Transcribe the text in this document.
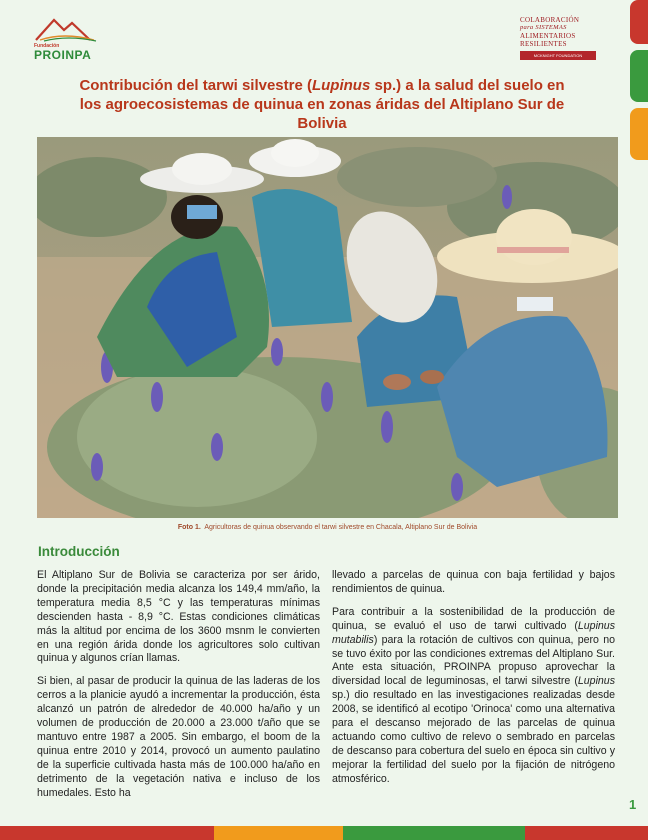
Fundación
PROINPA
COLABORACIÓN
para SISTEMAS
ALIMENTARIOS
RESILIENTES
MCKNIGHT FOUNDATION
Contribución del tarwi silvestre (Lupinus sp.) a la salud del suelo en los agroecosistemas de quinua en zonas áridas del Altiplano Sur de Bolivia
Foto 1. Agricultoras de quinua observando el tarwi silvestre en Chacala, Altiplano Sur de Bolivia
Introducción

El Altiplano Sur de Bolivia se caracteriza por ser árido, donde la precipitación media alcanza los 149,4 mm/año, la temperatura media 8,5 °C y las temperaturas mínimas descienden hasta - 8,9 °C. Estas condiciones climáticas más la altitud por encima de los 3600 msnm le convierten en una región árida donde los agricultores solo cultivan quinua y algunos crían llamas.

Si bien, al pasar de producir la quinua de las laderas de los cerros a la planicie ayudó a incrementar la producción, ésta alcanzó un patrón de alrededor de 40.000 ha/año y un volumen de producción de 20.000 a 23.000 t/año que se mantuvo entre 1987 a 2005. Sin embargo, el boom de la quinua entre 2010 y 2014, provocó un aumento paulatino de la superficie cultivada hasta más de 100.000 ha/año en detrimento de la vegetación nativa e incluso de los humedales. Esto ha

llevado a parcelas de quinua con baja fertilidad y bajos rendimientos de quinua.

Para contribuir a la sostenibilidad de la producción de quinua, se evaluó el uso de tarwi cultivado (Lupinus mutabilis) para la rotación de cultivos con quinua, pero no se tuvo éxito por las condiciones extremas del Altiplano Sur. Ante esta situación, PROINPA propuso aprovechar la diversidad local de leguminosas, el tarwi silvestre (Lupinus sp.) dio resultado en las investigaciones realizadas desde 2008, se identificó al ecotipo 'Orinoca' como una alternativa para el descanso mejorado de las parcelas de quinua actuando como cultivo de relevo o sembrado en parcelas de descanso para cobertura del suelo en época sin cultivo y mejorar la fertilidad del suelo por la fijación de nitrógeno atmosférico.

1
